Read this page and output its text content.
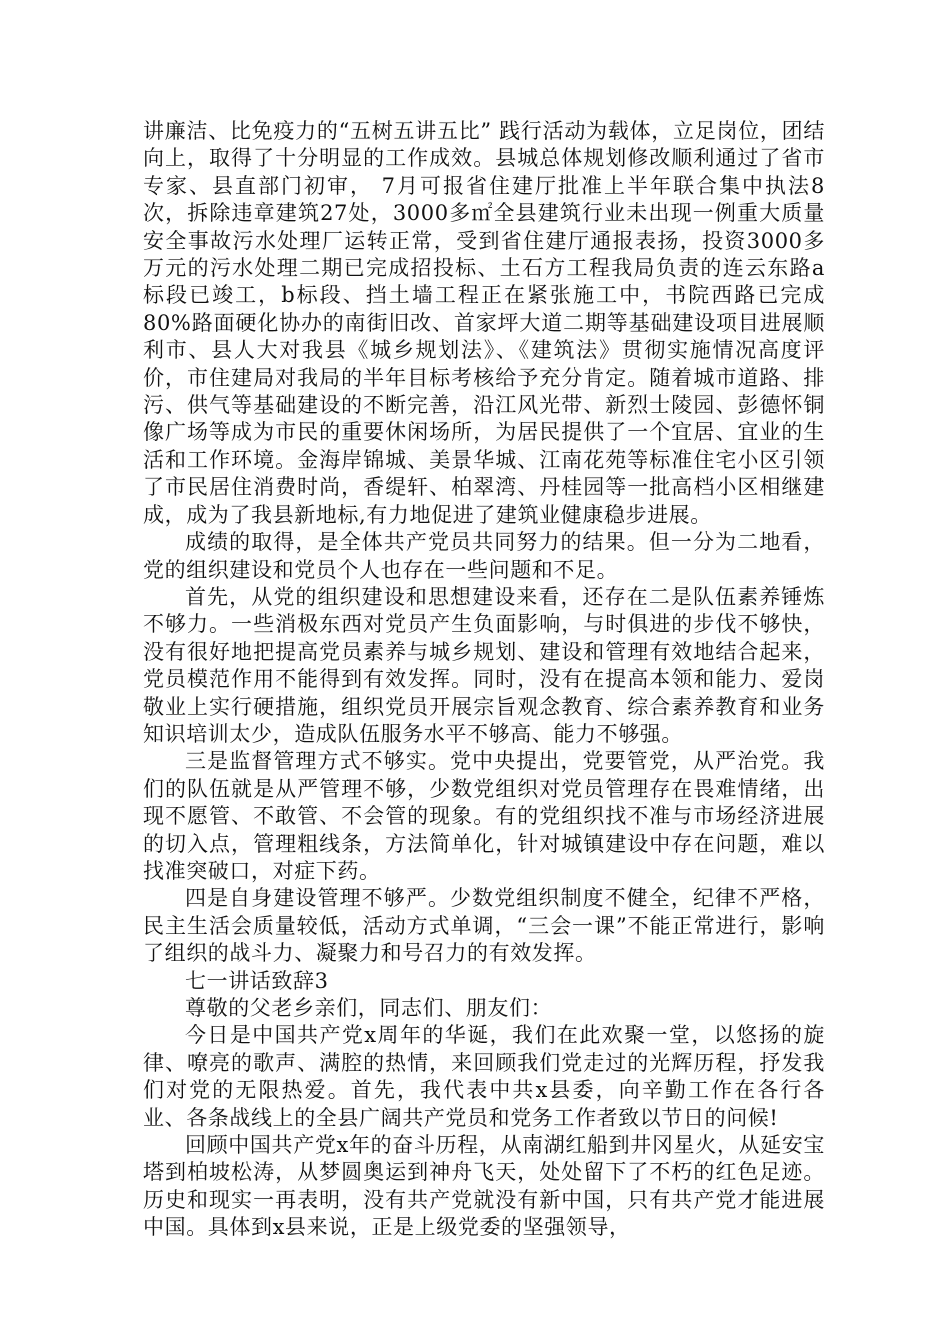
讲廉洁、比免疫力的“五树五讲五比” 践行活动为载体，立足岗位，团结向上，取得了十分明显的工作成效。县城总体规划修改顺利通过了省市专家、县直部门初审， 7月可报省住建厅批准上半年联合集中执法8次，拆除违章建筑27处，3000多㎡全县建筑行业未出现一例重大质量安全事故污水处理厂运转正常，受到省住建厅通报表扬，投资3000多万元的污水处理二期已完成招投标、土石方工程我局负责的连云东路a标段已竣工，b标段、挡土墙工程正在紧张施工中，书院西路已完成80%路面硬化协办的南街旧改、首家坪大道二期等基础建设项目进展顺利市、县人大对我县《城乡规划法》、《建筑法》贯彻实施情况高度评价，市住建局对我局的半年目标考核给予充分肯定。随着城市道路、排污、供气等基础建设的不断完善，沿江风光带、新烈士陵园、彭德怀铜像广场等成为市民的重要休闲场所，为居民提供了一个宜居、宜业的生活和工作环境。金海岸锦城、美景华城、江南花苑等标准住宅小区引领了市民居住消费时尚，香缇轩、柏翠湾、丹桂园等一批高档小区相继建成，成为了我县新地标,有力地促进了建筑业健康稳步进展。

成绩的取得，是全体共产党员共同努力的结果。但一分为二地看，党的组织建设和党员个人也存在一些问题和不足。

首先，从党的组织建设和思想建设来看，还存在二是队伍素养锤炼不够力。一些消极东西对党员产生负面影响，与时俱进的步伐不够快，没有很好地把提高党员素养与城乡规划、建设和管理有效地结合起来，党员模范作用不能得到有效发挥。同时，没有在提高本领和能力、爱岗敬业上实行硬措施，组织党员开展宗旨观念教育、综合素养教育和业务知识培训太少，造成队伍服务水平不够高、能力不够强。

三是监督管理方式不够实。党中央提出，党要管党，从严治党。我们的队伍就是从严管理不够，少数党组织对党员管理存在畏难情绪，出现不愿管、不敢管、不会管的现象。有的党组织找不准与市场经济进展的切入点，管理粗线条，方法简单化，针对城镇建设中存在问题，难以找准突破口，对症下药。

四是自身建设管理不够严。少数党组织制度不健全，纪律不严格，民主生活会质量较低，活动方式单调，“三会一课”不能正常进行，影响了组织的战斗力、凝聚力和号召力的有效发挥。

七一讲话致辞3

尊敬的父老乡亲们，同志们、朋友们：

今日是中国共产党x周年的华诞，我们在此欢聚一堂，以悠扬的旋律、嘹亮的歌声、满腔的热情，来回顾我们党走过的光辉历程，抒发我们对党的无限热爱。首先，我代表中共x县委，向辛勤工作在各行各业、各条战线上的全县广阔共产党员和党务工作者致以节日的问候!

回顾中国共产党x年的奋斗历程，从南湖红船到井冈星火，从延安宝塔到柏坡松涛，从梦圆奥运到神舟飞天，处处留下了不朽的红色足迹。历史和现实一再表明，没有共产党就没有新中国，只有共产党才能进展中国。具体到x县来说，正是上级党委的坚强领导，
